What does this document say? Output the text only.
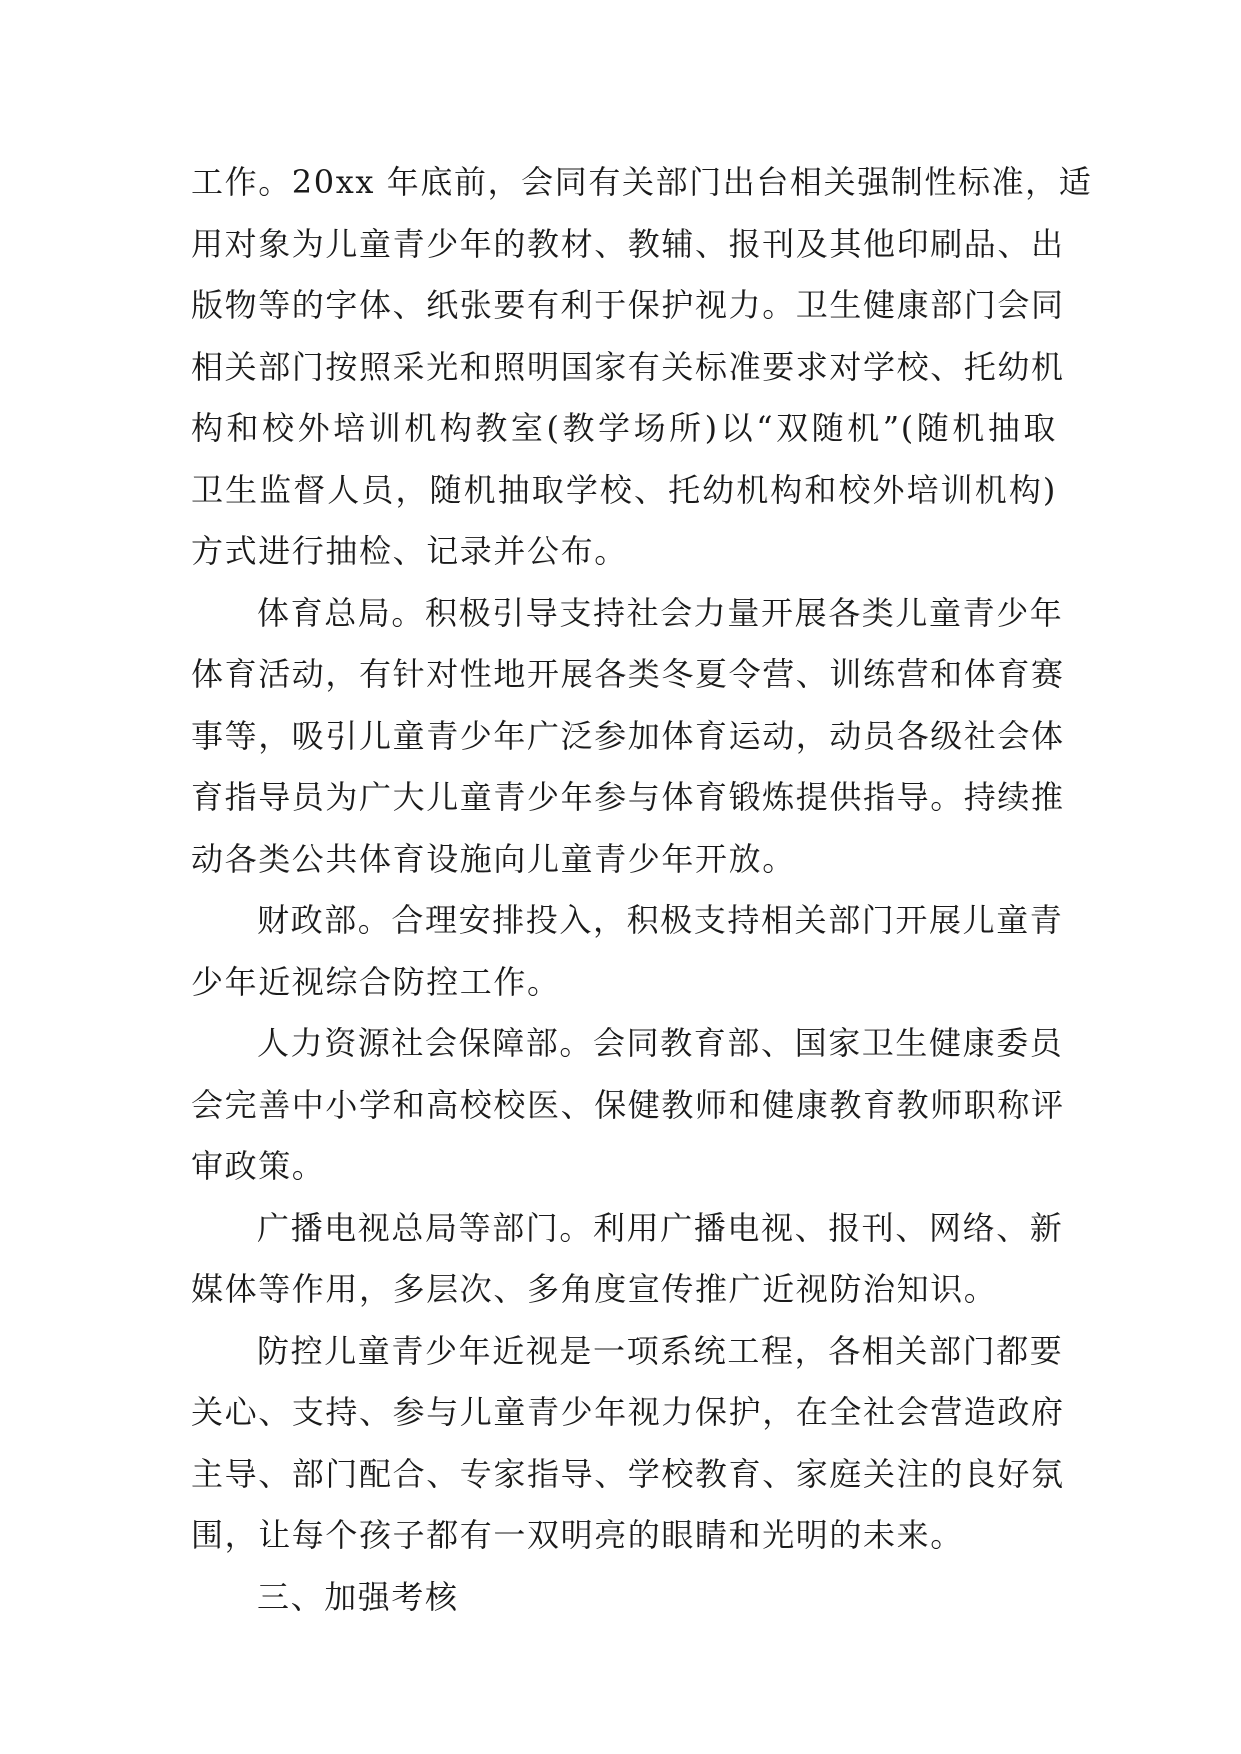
工作。20xx 年底前，会同有关部门出台相关强制性标准，适
用对象为儿童青少年的教材、教辅、报刊及其他印刷品、出
版物等的字体、纸张要有利于保护视力。卫生健康部门会同
相关部门按照采光和照明国家有关标准要求对学校、托幼机
构和校外培训机构教室(教学场所)以“双随机”(随机抽取
卫生监督人员，随机抽取学校、托幼机构和校外培训机构)
方式进行抽检、记录并公布。

体育总局。积极引导支持社会力量开展各类儿童青少年
体育活动，有针对性地开展各类冬夏令营、训练营和体育赛
事等，吸引儿童青少年广泛参加体育运动，动员各级社会体
育指导员为广大儿童青少年参与体育锻炼提供指导。持续推
动各类公共体育设施向儿童青少年开放。

财政部。合理安排投入，积极支持相关部门开展儿童青
少年近视综合防控工作。

人力资源社会保障部。会同教育部、国家卫生健康委员
会完善中小学和高校校医、保健教师和健康教育教师职称评
审政策。

广播电视总局等部门。利用广播电视、报刊、网络、新
媒体等作用，多层次、多角度宣传推广近视防治知识。

防控儿童青少年近视是一项系统工程，各相关部门都要
关心、支持、参与儿童青少年视力保护，在全社会营造政府
主导、部门配合、专家指导、学校教育、家庭关注的良好氛
围，让每个孩子都有一双明亮的眼睛和光明的未来。

三、加强考核
